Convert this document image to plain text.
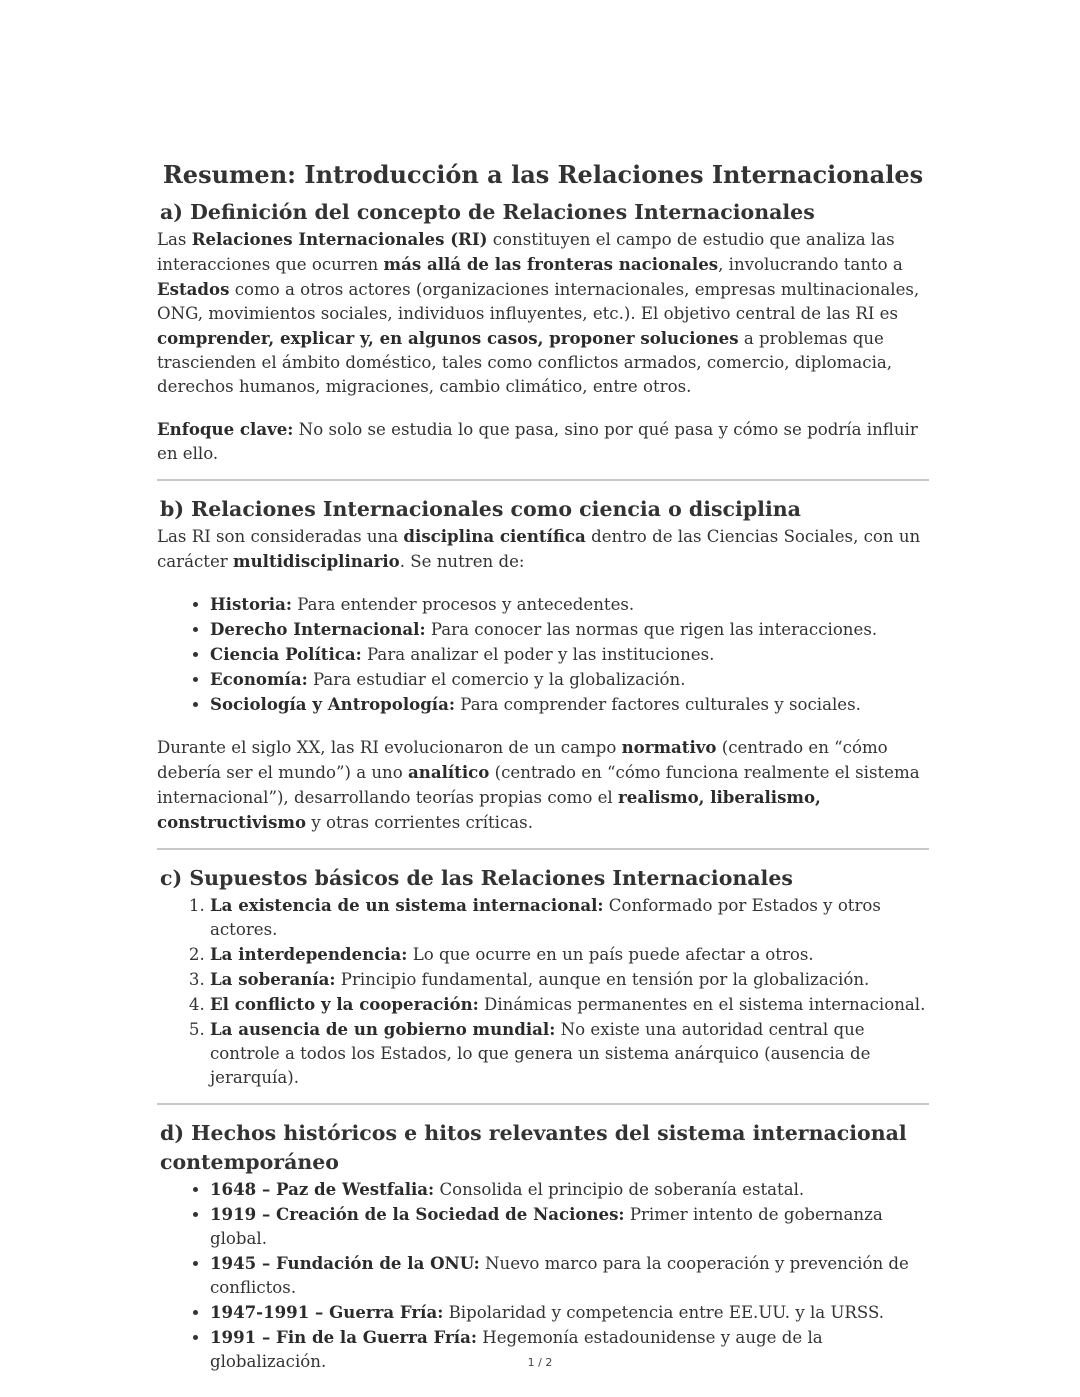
Resumen: Introducción a las Relaciones Internacionales
a) Definición del concepto de Relaciones Internacionales

Las Relaciones Internacionales (RI) constituyen el campo de estudio que analiza las interacciones que ocurren más allá de las fronteras nacionales, involucrando tanto a Estados como a otros actores (organizaciones internacionales, empresas multinacionales, ONG, movimientos sociales, individuos influyentes, etc.). El objetivo central de las RI es comprender, explicar y, en algunos casos, proponer soluciones a problemas que trascienden el ámbito doméstico, tales como conflictos armados, comercio, diplomacia, derechos humanos, migraciones, cambio climático, entre otros.

Enfoque clave: No solo se estudia lo que pasa, sino por qué pasa y cómo se podría influir en ello.

b) Relaciones Internacionales como ciencia o disciplina

Las RI son consideradas una disciplina científica dentro de las Ciencias Sociales, con un carácter multidisciplinario. Se nutren de:

• Historia: Para entender procesos y antecedentes.
• Derecho Internacional: Para conocer las normas que rigen las interacciones.
• Ciencia Política: Para analizar el poder y las instituciones.
• Economía: Para estudiar el comercio y la globalización.
• Sociología y Antropología: Para comprender factores culturales y sociales.

Durante el siglo XX, las RI evolucionaron de un campo normativo (centrado en “cómo debería ser el mundo”) a uno analítico (centrado en “cómo funciona realmente el sistema internacional”), desarrollando teorías propias como el realismo, liberalismo, constructivismo y otras corrientes críticas.

c) Supuestos básicos de las Relaciones Internacionales
1. La existencia de un sistema internacional: Conformado por Estados y otros actores.
2. La interdependencia: Lo que ocurre en un país puede afectar a otros.
3. La soberanía: Principio fundamental, aunque en tensión por la globalización.
4. El conflicto y la cooperación: Dinámicas permanentes en el sistema internacional.
5. La ausencia de un gobierno mundial: No existe una autoridad central que controle a todos los Estados, lo que genera un sistema anárquico (ausencia de jerarquía).
d) Hechos históricos e hitos relevantes del sistema internacional contemporáneo
• 1648 – Paz de Westfalia: Consolida el principio de soberanía estatal.
• 1919 – Creación de la Sociedad de Naciones: Primer intento de gobernanza global.
• 1945 – Fundación de la ONU: Nuevo marco para la cooperación y prevención de conflictos.
• 1947-1991 – Guerra Fría: Bipolaridad y competencia entre EE.UU. y la URSS.
• 1991 – Fin de la Guerra Fría: Hegemonía estadounidense y auge de la globalización.	1 / 2
